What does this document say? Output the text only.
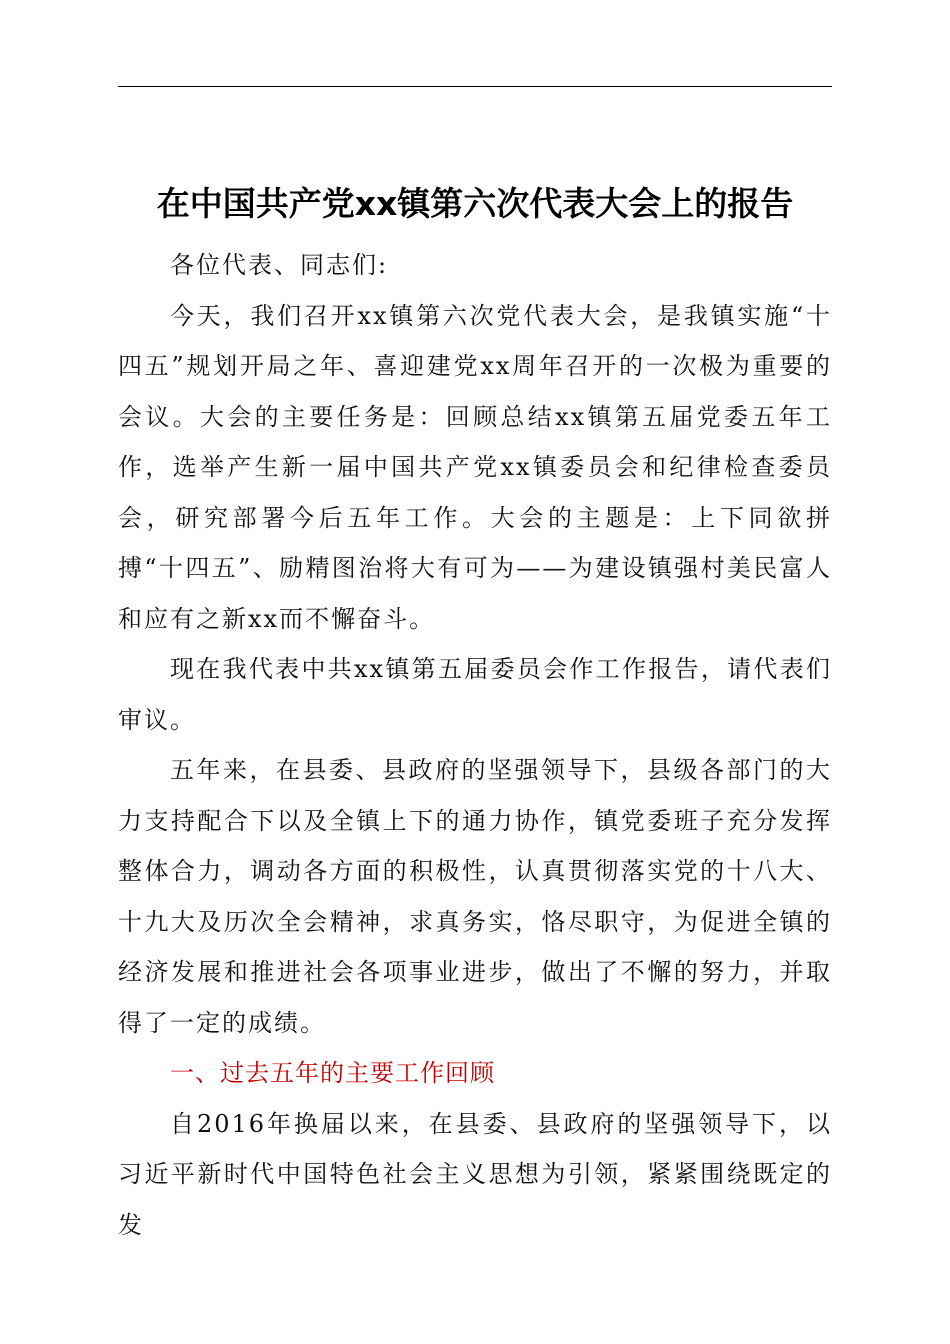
在中国共产党xx镇第六次代表大会上的报告

各位代表、同志们:

今天，我们召开xx镇第六次党代表大会，是我镇实施“十四五”规划开局之年、喜迎建党xx周年召开的一次极为重要的会议。大会的主要任务是：回顾总结xx镇第五届党委五年工作，选举产生新一届中国共产党xx镇委员会和纪律检查委员会，研究部署今后五年工作。大会的主题是：上下同欲拼搏“十四五”、励精图治将大有可为——为建设镇强村美民富人和应有之新xx而不懈奋斗。

现在我代表中共xx镇第五届委员会作工作报告，请代表们审议。

五年来，在县委、县政府的坚强领导下，县级各部门的大力支持配合下以及全镇上下的通力协作，镇党委班子充分发挥整体合力，调动各方面的积极性，认真贯彻落实党的十八大、十九大及历次全会精神，求真务实，恪尽职守，为促进全镇的经济发展和推进社会各项事业进步，做出了不懈的努力，并取得了一定的成绩。

一、过去五年的主要工作回顾

自2016年换届以来，在县委、县政府的坚强领导下，以习近平新时代中国特色社会主义思想为引领，紧紧围绕既定的发
